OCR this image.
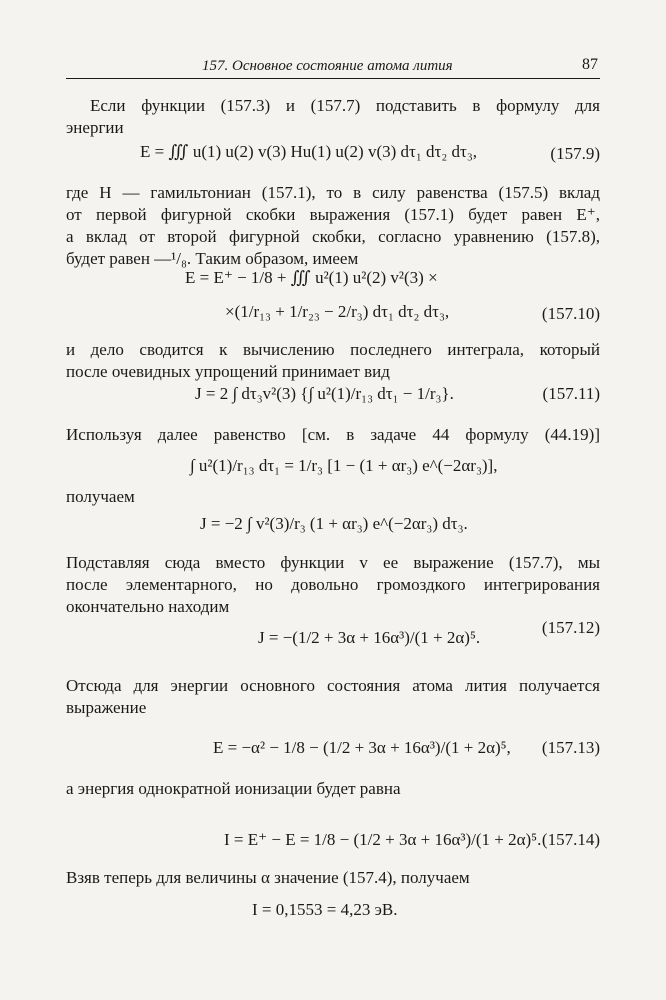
157. Основное состояние атома лития	87

Если функции (157.3) и (157.7) подставить в формулу для
энергии

E = ∭ u(1) u(2) v(3) Hu(1) u(2) v(3) dτ₁ dτ₂ dτ₃,	(157.9)

где H — гамильтониан (157.1), то в силу равенства (157.5) вклад
от первой фигурной скобки выражения (157.1) будет равен E⁺,
а вклад от второй фигурной скобки, согласно уравнению (157.8),
будет равен —¹/₈. Таким образом, имеем

E = E⁺ − 1/8 + ∭ u²(1) u²(2) v²(3) ×
×(1/r₁₃ + 1/r₂₃ − 2/r₃) dτ₁ dτ₂ dτ₃,	(157.10)

и дело сводится к вычислению последнего интеграла, который
после очевидных упрощений принимает вид

J = 2 ∫ dτ₃v²(3) {∫ u²(1)/r₁₃ dτ₁ − 1/r₃}.	(157.11)

Используя далее равенство [см. в задаче 44 формулу (44.19)]

∫ u²(1)/r₁₃ dτ₁ = 1/r₃ [1 − (1 + αr₃) e^(−2αr₃)],

получаем

J = −2 ∫ v²(3)/r₃ (1 + αr₃) e^(−2αr₃) dτ₃.

Подставляя сюда вместо функции v ее выражение (157.7), мы
после элементарного, но довольно громоздкого интегрирования
окончательно находим

J = −(1/2 + 3α + 16α³)/(1 + 2α)⁵.
(157.12)

Отсюда для энергии основного состояния атома лития получается
выражение

E = −α² − 1/8 − (1/2 + 3α + 16α³)/(1 + 2α)⁵, (157.13)

а энергия однократной ионизации будет равна

I = E⁺ − E = 1/8 − (1/2 + 3α + 16α³)/(1 + 2α)⁵. (157.14)

Взяв теперь для величины α значение (157.4), получаем

I = 0,1553 = 4,23 эВ.
